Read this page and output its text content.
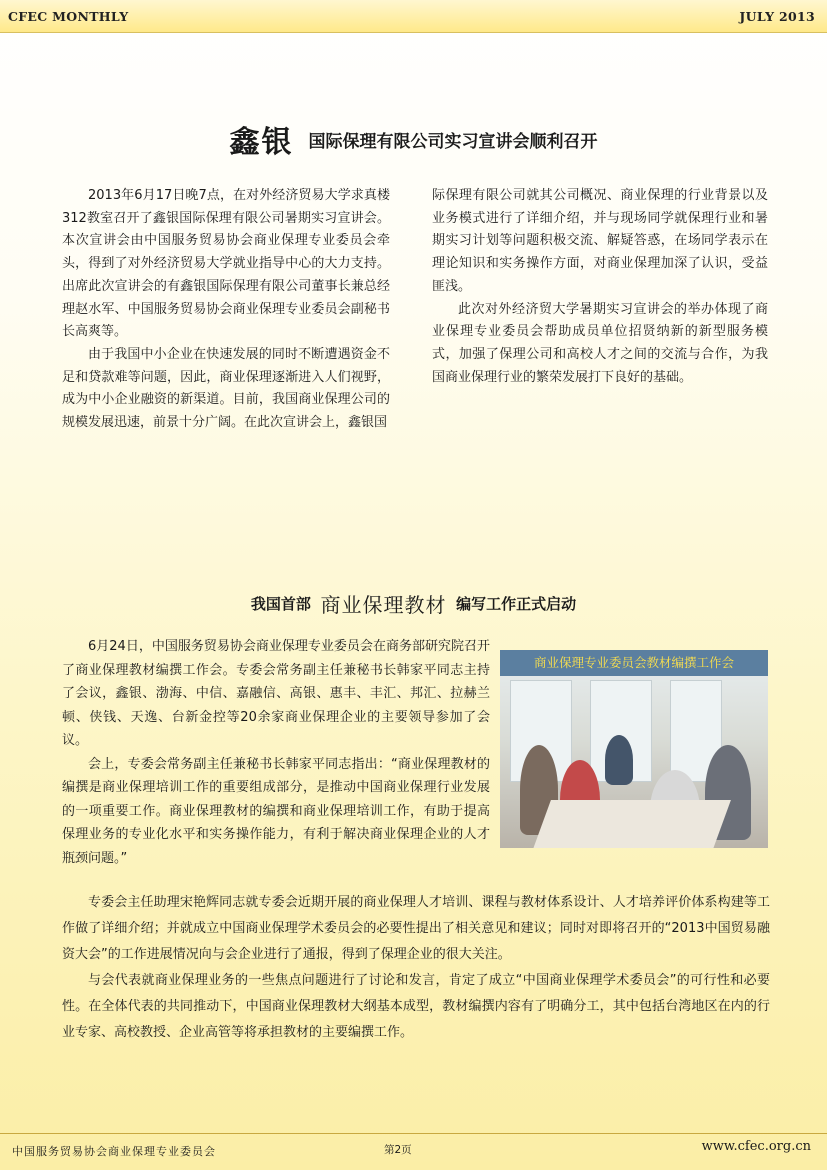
CFEC MONTHLY	JULY 2013
鑫银 国际保理有限公司实习宣讲会顺利召开

2013年6月17日晚7点，在对外经济贸易大学求真楼312教室召开了鑫银国际保理有限公司暑期实习宣讲会。本次宣讲会由中国服务贸易协会商业保理专业委员会牵头，得到了对外经济贸易大学就业指导中心的大力支持。出席此次宣讲会的有鑫银国际保理有限公司董事长兼总经理赵水军、中国服务贸易协会商业保理专业委员会副秘书长高爽等。

由于我国中小企业在快速发展的同时不断遭遇资金不足和贷款难等问题，因此，商业保理逐渐进入人们视野，成为中小企业融资的新渠道。目前，我国商业保理公司的规模发展迅速，前景十分广阔。在此次宣讲会上，鑫银国

际保理有限公司就其公司概况、商业保理的行业背景以及业务模式进行了详细介绍，并与现场同学就保理行业和暑期实习计划等问题积极交流、解疑答惑，在场同学表示在理论知识和实务操作方面，对商业保理加深了认识，受益匪浅。

此次对外经济贸大学暑期实习宣讲会的举办体现了商业保理专业委员会帮助成员单位招贤纳新的新型服务模式，加强了保理公司和高校人才之间的交流与合作，为我国商业保理行业的繁荣发展打下良好的基础。

我国首部 商业保理教材 编写工作正式启动
商业保理专业委员会教材编撰工作会

6月24日，中国服务贸易协会商业保理专业委员会在商务部研究院召开了商业保理教材编撰工作会。专委会常务副主任兼秘书长韩家平同志主持了会议，鑫银、渤海、中信、嘉融信、高银、惠丰、丰汇、邦汇、拉赫兰顿、侠钱、天逸、台新金控等20余家商业保理企业的主要领导参加了会议。

会上，专委会常务副主任兼秘书长韩家平同志指出：“商业保理教材的编撰是商业保理培训工作的重要组成部分，是推动中国商业保理行业发展的一项重要工作。商业保理教材的编撰和商业保理培训工作，有助于提高保理业务的专业化水平和实务操作能力，有利于解决商业保理企业的人才瓶颈问题。”

专委会主任助理宋艳辉同志就专委会近期开展的商业保理人才培训、课程与教材体系设计、人才培养评价体系构建等工作做了详细介绍；并就成立中国商业保理学术委员会的必要性提出了相关意见和建议；同时对即将召开的“2013中国贸易融资大会”的工作进展情况向与会企业进行了通报，得到了保理企业的很大关注。

与会代表就商业保理业务的一些焦点问题进行了讨论和发言，肯定了成立“中国商业保理学术委员会”的可行性和必要性。在全体代表的共同推动下，中国商业保理教材大纲基本成型，教材编撰内容有了明确分工，其中包括台湾地区在内的行业专家、高校教授、企业高管等将承担教材的主要编撰工作。

中国服务贸易协会商业保理专业委员会	第2页	www.cfec.org.cn
